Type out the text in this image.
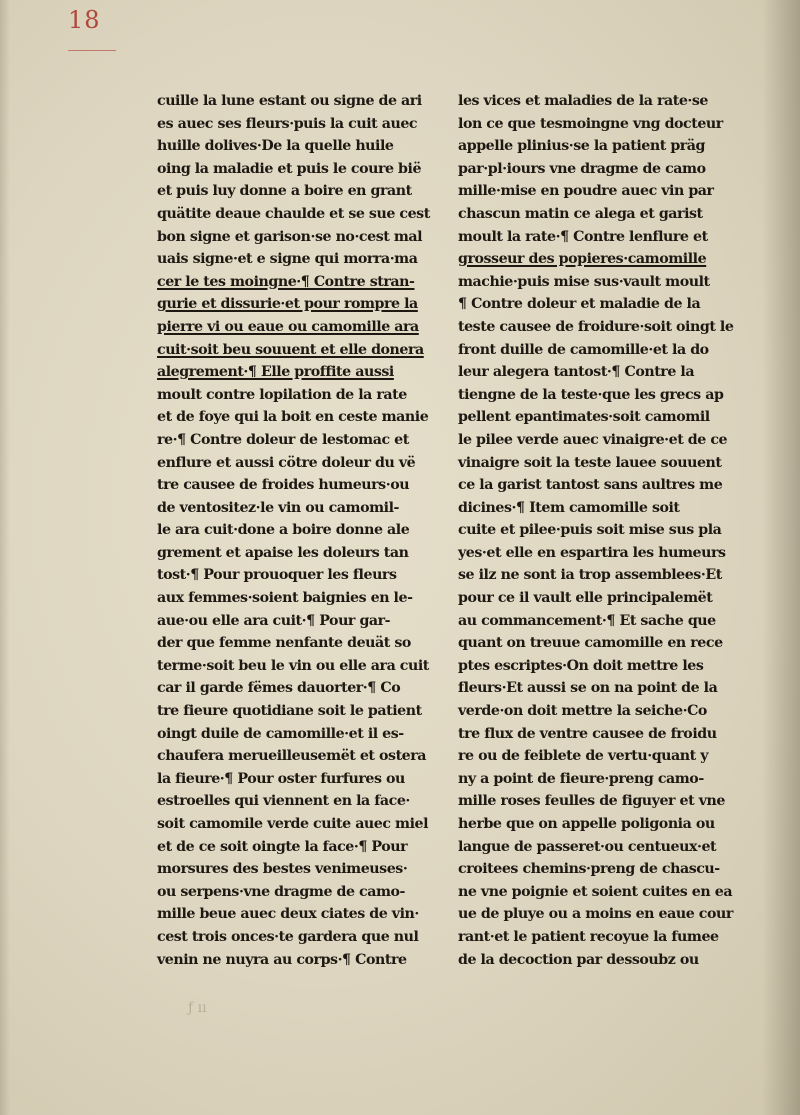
18
cuille la lune estant ou signe de ari
es auec ses fleurs·puis la cuit auec
huille dolives·De la quelle huile
oing la maladie et puis le coure bië
et puis luy donne a boire en grant
quätite deaue chaulde et se sue cest
bon signe et garison·se no·cest mal
uais signe·et e signe qui morra·ma
cer le tes moingne·¶ Contre stran-
gurie et dissurie·et pour rompre la
pierre vi ou eaue ou camomille ara
cuit·soit beu souuent et elle donera
alegrement·¶ Elle proffite aussi
moult contre lopilation de la rate
et de foye qui la boit en ceste manie
re·¶ Contre doleur de lestomac et
enflure et aussi cötre doleur du vë
tre causee de froides humeurs·ou
de ventositez·le vin ou camomil-
le ara cuit·done a boire donne ale
grement et apaise les doleurs tan
tost·¶ Pour prouoquer les fleurs
aux femmes·soient baignies en le-
aue·ou elle ara cuit·¶ Pour gar-
der que femme nenfante deuät so
terme·soit beu le vin ou elle ara cuit
car il garde fëmes dauorter·¶ Co
tre fieure quotidiane soit le patient
oingt duile de camomille·et il es-
chaufera merueilleusemët et ostera
la fieure·¶ Pour oster furfures ou
estroelles qui viennent en la face·
soit camomile verde cuite auec miel
et de ce soit oingte la face·¶ Pour
morsures des bestes venimeuses·
ou serpens·vne dragme de camo-
mille beue auec deux ciates de vin·
cest trois onces·te gardera que nul
venin ne nuyra au corps·¶ Contre
les vices et maladies de la rate·se
lon ce que tesmoingne vng docteur
appelle plinius·se la patient präg
par·pl·iours vne dragme de camo
mille·mise en poudre auec vin par
chascun matin ce alega et garist
moult la rate·¶ Contre lenflure et
grosseur des popieres·camomille
machie·puis mise sus·vault moult
¶ Contre doleur et maladie de la
teste causee de froidure·soit oingt le
front duille de camomille·et la do
leur alegera tantost·¶ Contre la
tiengne de la teste·que les grecs ap
pellent epantimates·soit camomil
le pilee verde auec vinaigre·et de ce
vinaigre soit la teste lauee souuent
ce la garist tantost sans aultres me
dicines·¶ Item camomille soit
cuite et pilee·puis soit mise sus pla
yes·et elle en espartira les humeurs
se ilz ne sont ia trop assemblees·Et
pour ce il vault elle principalemët
au commancement·¶ Et sache que
quant on treuue camomille en rece
ptes escriptes·On doit mettre les
fleurs·Et aussi se on na point de la
verde·on doit mettre la seiche·Co
tre flux de ventre causee de froidu
re ou de feiblete de vertu·quant y
ny a point de fieure·preng camo-
mille roses feulles de figuyer et vne
herbe que on appelle poligonia ou
langue de passeret·ou centueux·et
croitees chemins·preng de chascu-
ne vne poignie et soient cuites en ea
ue de pluye ou a moins en eaue cour
rant·et le patient recoyue la fumee
de la decoction par dessoubz ou
ƒ ıı
